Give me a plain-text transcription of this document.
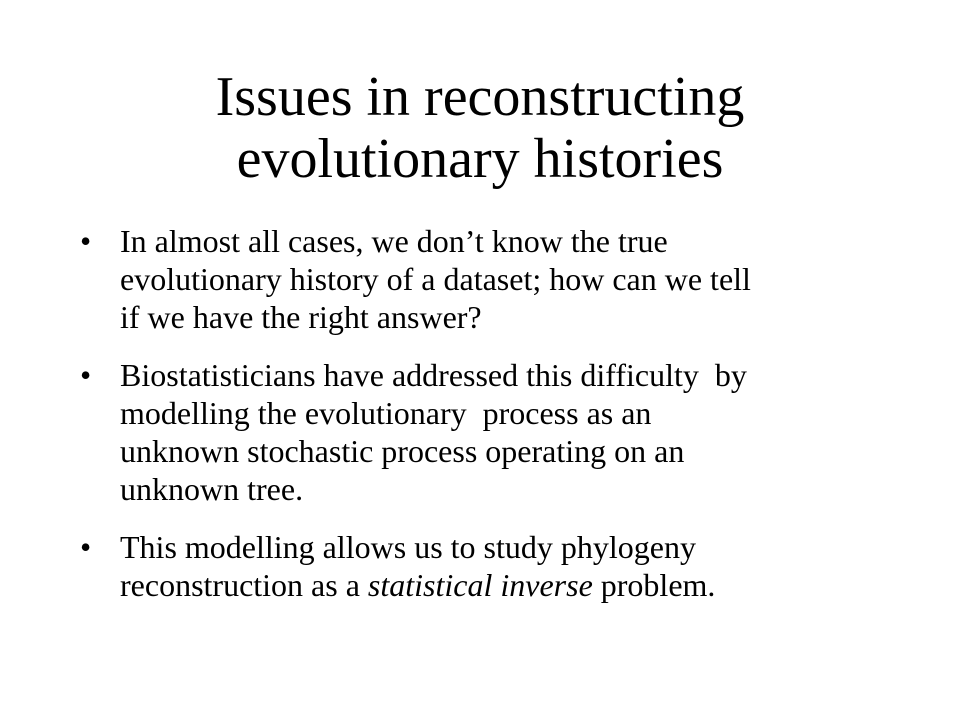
Issues in reconstructing
evolutionary histories
• In almost all cases, we don’t know the true
evolutionary history of a dataset; how can we tell
if we have the right answer?
• Biostatisticians have addressed this difficulty  by
modelling the evolutionary  process as an
unknown stochastic process operating on an
unknown tree.
• This modelling allows us to study phylogeny
reconstruction as a statistical inverse problem.
